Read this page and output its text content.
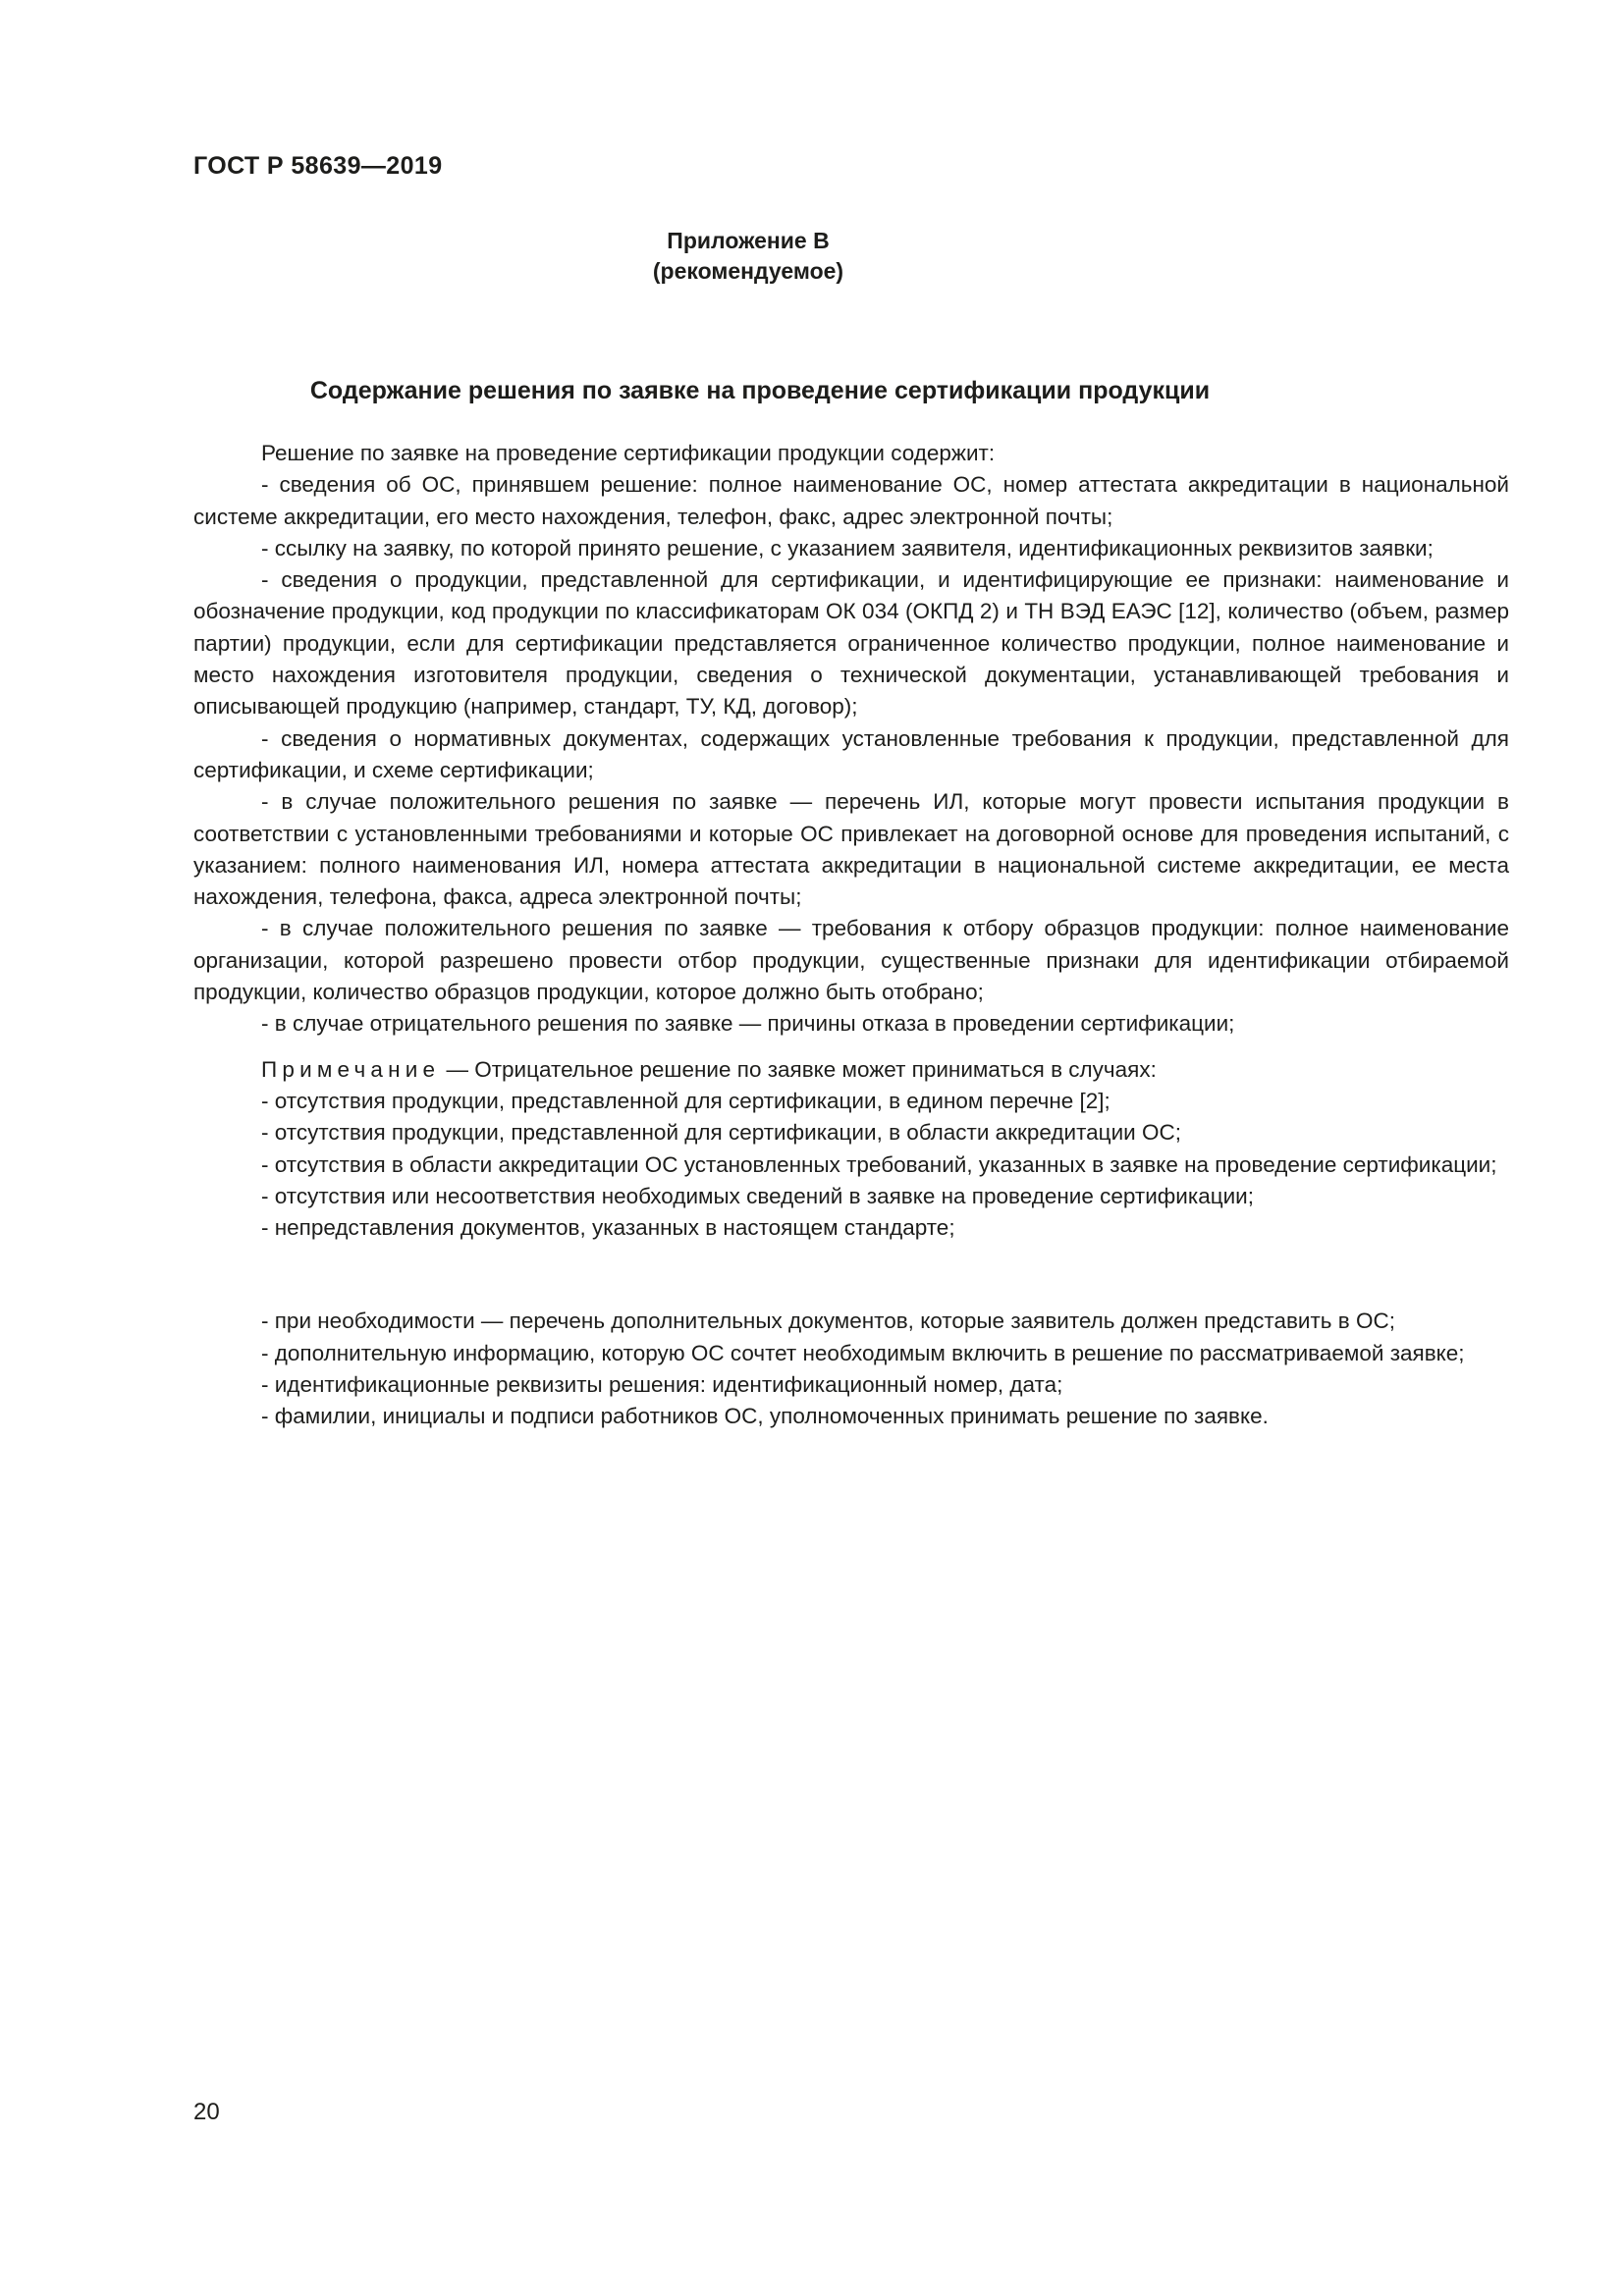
ГОСТ Р 58639—2019
Приложение В
(рекомендуемое)
Содержание решения по заявке на проведение сертификации продукции

Решение по заявке на проведение сертификации продукции содержит:

- сведения об ОС, принявшем решение: полное наименование ОС, номер аттестата аккредитации в национальной системе аккредитации, его место нахождения, телефон, факс, адрес электронной почты;

- ссылку на заявку, по которой принято решение, с указанием заявителя, идентификационных реквизитов заявки;

- сведения о продукции, представленной для сертификации, и идентифицирующие ее признаки: наименование и обозначение продукции, код продукции по классификаторам ОК 034 (ОКПД 2) и ТН ВЭД ЕАЭС [12], количество (объем, размер партии) продукции, если для сертификации представляется ограниченное количество продукции, полное наименование и место нахождения изготовителя продукции, сведения о технической документации, устанавливающей требования и описывающей продукцию (например, стандарт, ТУ, КД, договор);

- сведения о нормативных документах, содержащих установленные требования к продукции, представленной для сертификации, и схеме сертификации;

- в случае положительного решения по заявке — перечень ИЛ, которые могут провести испытания продукции в соответствии с установленными требованиями и которые ОС привлекает на договорной основе для проведения испытаний, с указанием: полного наименования ИЛ, номера аттестата аккредитации в национальной системе аккредитации, ее места нахождения, телефона, факса, адреса электронной почты;

- в случае положительного решения по заявке — требования к отбору образцов продукции: полное наименование организации, которой разрешено провести отбор продукции, существенные признаки для идентификации отбираемой продукции, количество образцов продукции, которое должно быть отобрано;

- в случае отрицательного решения по заявке — причины отказа в проведении сертификации;

Примечание — Отрицательное решение по заявке может приниматься в случаях:

- отсутствия продукции, представленной для сертификации, в едином перечне [2];

- отсутствия продукции, представленной для сертификации, в области аккредитации ОС;

- отсутствия в области аккредитации ОС установленных требований, указанных в заявке на проведение сертификации;

- отсутствия или несоответствия необходимых сведений в заявке на проведение сертификации;

- непредставления документов, указанных в настоящем стандарте;

- при необходимости — перечень дополнительных документов, которые заявитель должен представить в ОС;

- дополнительную информацию, которую ОС сочтет необходимым включить в решение по рассматриваемой заявке;

- идентификационные реквизиты решения: идентификационный номер, дата;

- фамилии, инициалы и подписи работников ОС, уполномоченных принимать решение по заявке.

20
